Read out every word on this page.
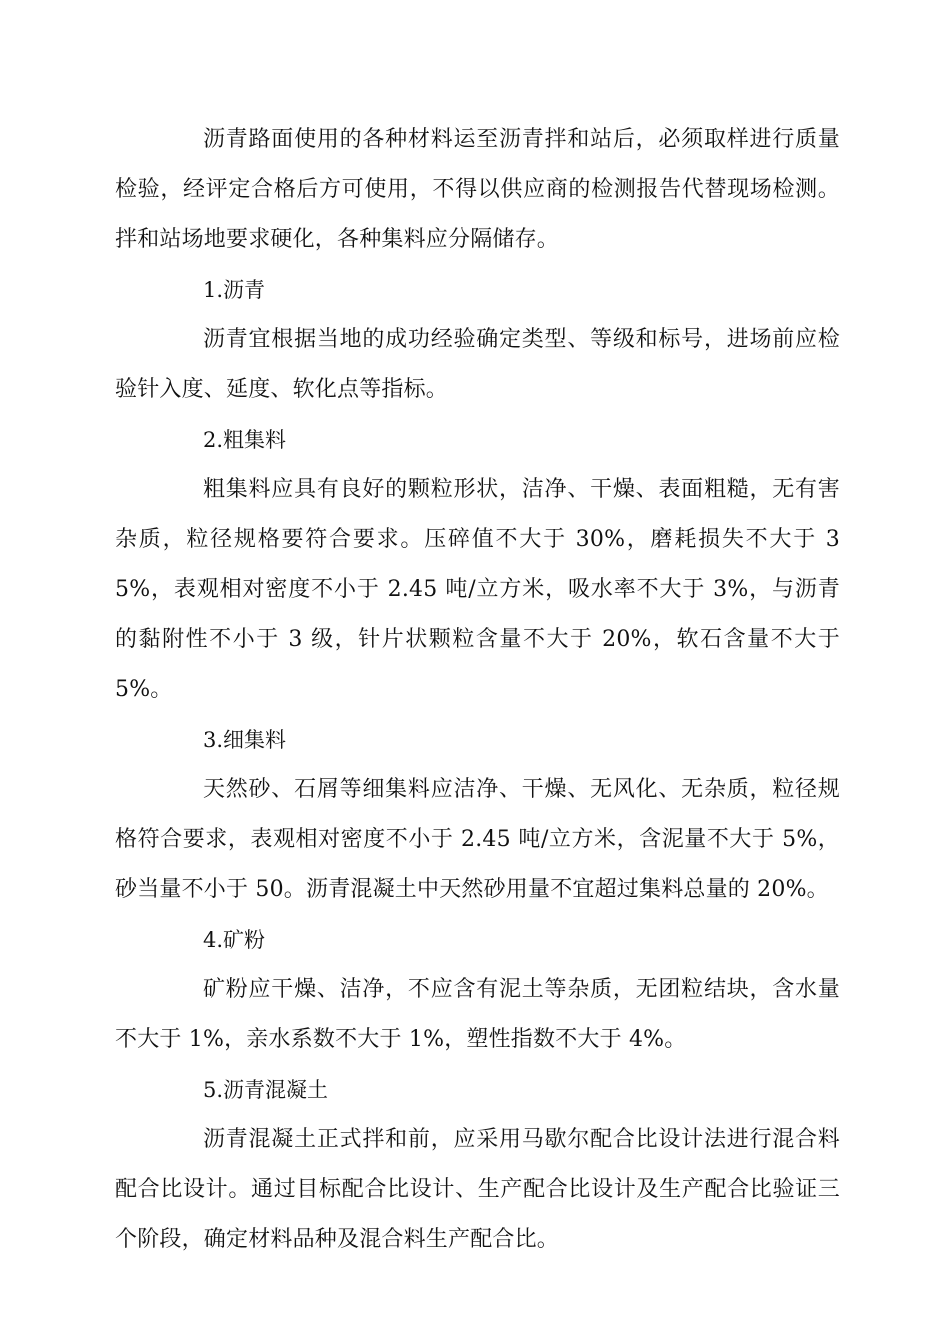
沥青路面使用的各种材料运至沥青拌和站后，必须取样进行质量检验，经评定合格后方可使用，不得以供应商的检测报告代替现场检测。拌和站场地要求硬化，各种集料应分隔储存。

1.沥青

沥青宜根据当地的成功经验确定类型、等级和标号，进场前应检验针入度、延度、软化点等指标。

2.粗集料

粗集料应具有良好的颗粒形状，洁净、干燥、表面粗糙，无有害杂质，粒径规格要符合要求。压碎值不大于 30%，磨耗损失不大于 35%，表观相对密度不小于 2.45 吨/立方米，吸水率不大于 3%，与沥青的黏附性不小于 3 级，针片状颗粒含量不大于 20%，软石含量不大于 5%。

3.细集料

天然砂、石屑等细集料应洁净、干燥、无风化、无杂质，粒径规格符合要求，表观相对密度不小于 2.45 吨/立方米，含泥量不大于 5%，砂当量不小于 50。沥青混凝土中天然砂用量不宜超过集料总量的 20%。

4.矿粉

矿粉应干燥、洁净，不应含有泥土等杂质，无团粒结块，含水量不大于 1%，亲水系数不大于 1%，塑性指数不大于 4%。

5.沥青混凝土

沥青混凝土正式拌和前，应采用马歇尔配合比设计法进行混合料配合比设计。通过目标配合比设计、生产配合比设计及生产配合比验证三个阶段，确定材料品种及混合料生产配合比。
